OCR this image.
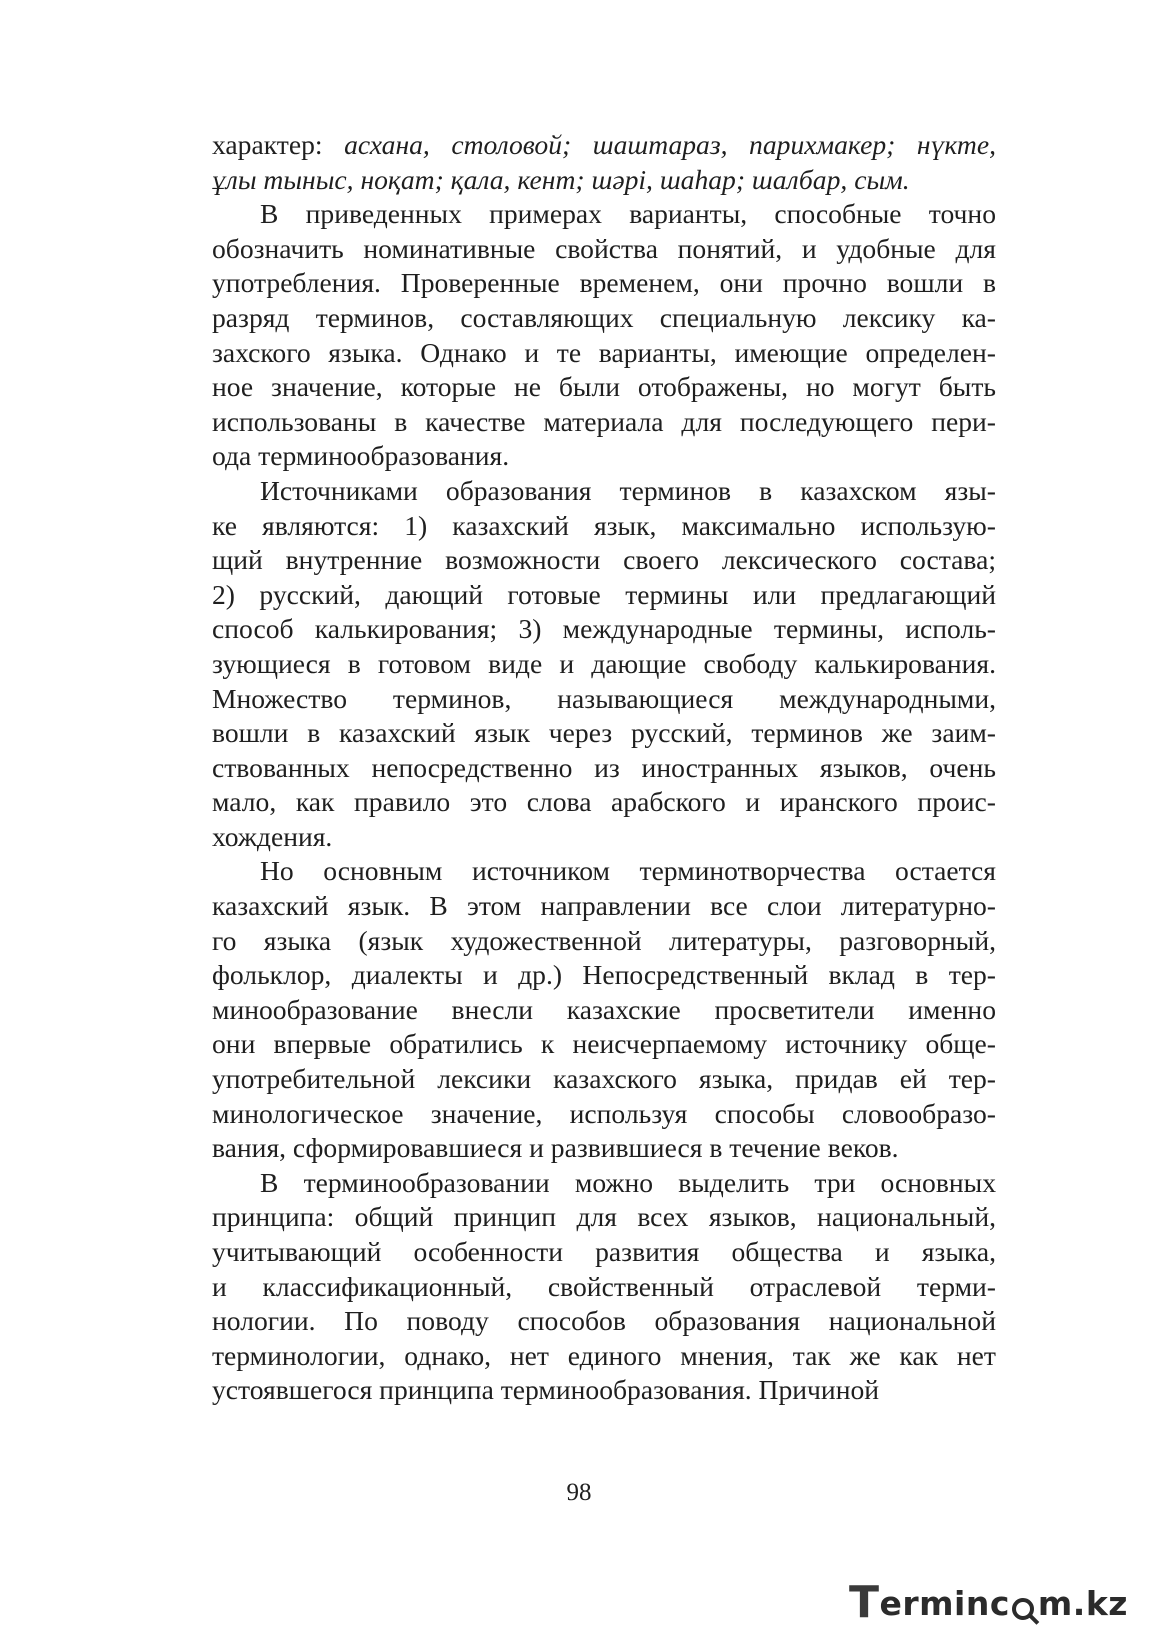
характер: асхана, столовой; шаштараз, парихмакер; нүкте,
ұлы тыныс, ноқат; қала, кент; шәрі, шаһар; шалбар, сым.

В приведенных примерах варианты, способные точно
обозначить номинативные свойства понятий, и удобные для
употребления. Проверенные временем, они прочно вошли в
разряд терминов, составляющих специальную лексику ка-
захского языка. Однако и те варианты, имеющие определен-
ное значение, которые не были отображены, но могут быть
использованы в качестве материала для последующего пери-
ода терминообразования.

Источниками образования терминов в казахском язы-
ке являются: 1) казахский язык, максимально использую-
щий внутренние возможности своего лексического состава;
2) русский, дающий готовые термины или предлагающий
способ калькирования; 3) международные термины, исполь-
зующиеся в готовом виде и дающие свободу калькирования.
Множество терминов, называющиеся международными,
вошли в казахский язык через русский, терминов же заим-
ствованных непосредственно из иностранных языков, очень
мало, как правило это слова арабского и иранского проис-
хождения.

Но основным источником терминотворчества остается
казахский язык. В этом направлении все слои литературно-
го языка (язык художественной литературы, разговорный,
фольклор, диалекты и др.) Непосредственный вклад в тер-
минообразование внесли казахские просветители именно
они впервые обратились к неисчерпаемому источнику обще-
употребительной лексики казахского языка, придав ей тер-
минологическое значение, используя способы словообразо-
вания, сформировавшиеся и развившиеся в течение веков.

В терминообразовании можно выделить три основных
принципа: общий принцип для всех языков, национальный,
учитывающий особенности развития общества и языка,
и классификационный, свойственный отраслевой терми-
нологии. По поводу способов образования национальной
терминологии, однако, нет единого мнения, так же как нет
устоявшегося принципа терминообразования. Причиной

98
T ermin c m.kz
